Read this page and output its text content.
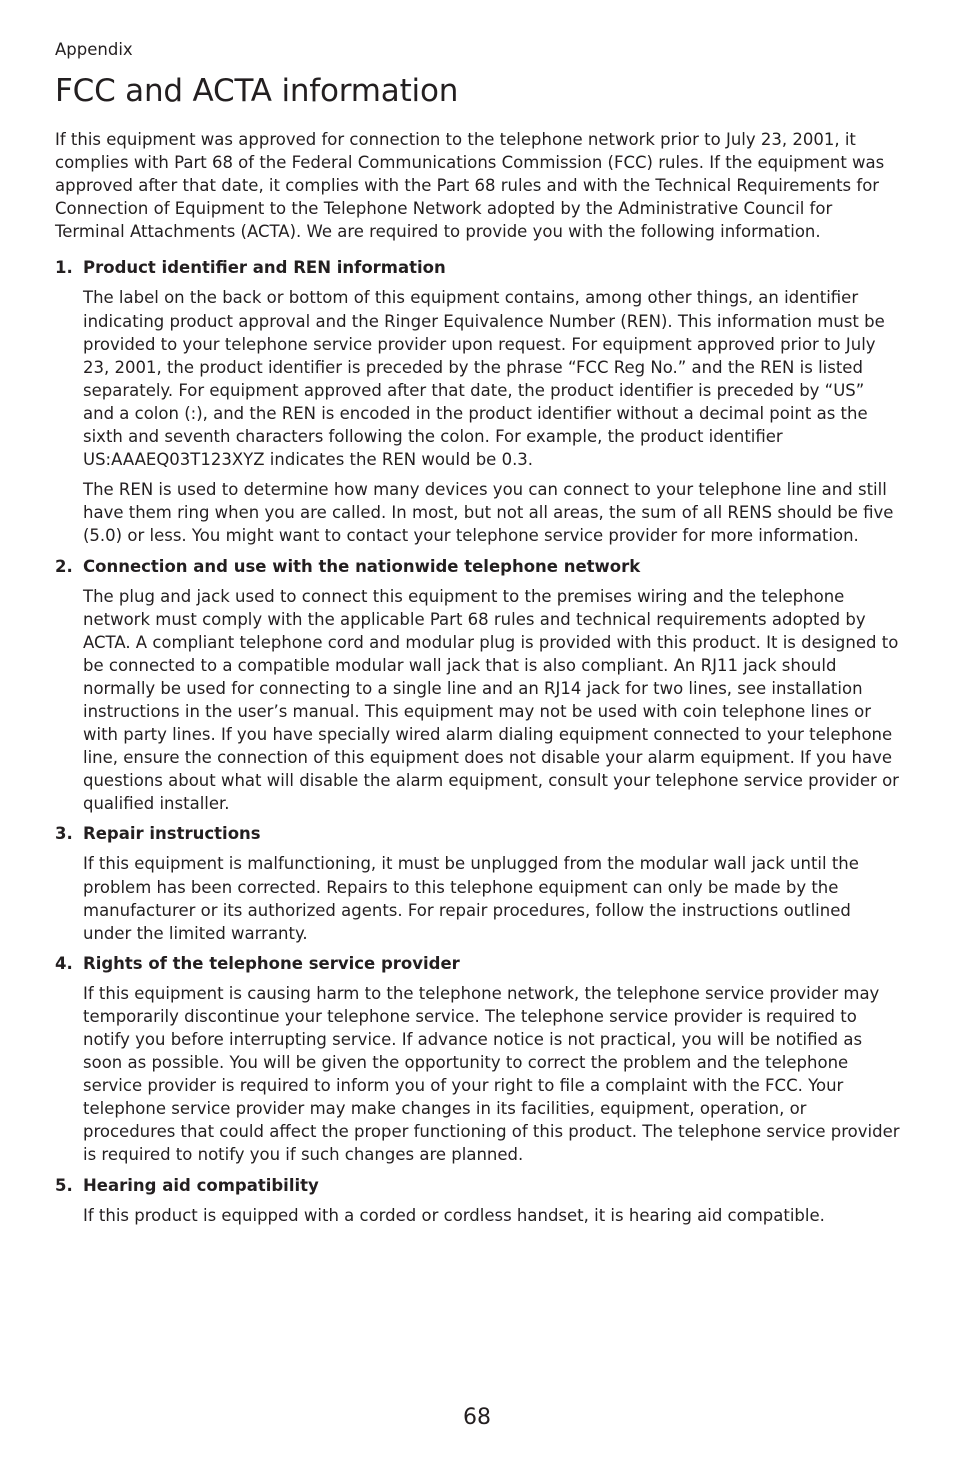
Appendix

FCC and ACTA information

If this equipment was approved for connection to the telephone network prior to July 23, 2001, it complies with Part 68 of the Federal Communications Commission (FCC) rules. If the equipment was approved after that date, it complies with the Part 68 rules and with the Technical Requirements for Connection of Equipment to the Telephone Network adopted by the Administrative Council for Terminal Attachments (ACTA). We are required to provide you with the following information.

1. Product identifier and REN information

The label on the back or bottom of this equipment contains, among other things, an identifier indicating product approval and the Ringer Equivalence Number (REN). This information must be provided to your telephone service provider upon request. For equipment approved prior to July 23, 2001, the product identifier is preceded by the phrase “FCC Reg No.” and the REN is listed separately. For equipment approved after that date, the product identifier is preceded by “US” and a colon (:), and the REN is encoded in the product identifier without a decimal point as the sixth and seventh characters following the colon. For example, the product identifier US:AAAEQ03T123XYZ indicates the REN would be 0.3.

The REN is used to determine how many devices you can connect to your telephone line and still have them ring when you are called. In most, but not all areas, the sum of all RENS should be five (5.0) or less. You might want to contact your telephone service provider for more information.

2. Connection and use with the nationwide telephone network

The plug and jack used to connect this equipment to the premises wiring and the telephone network must comply with the applicable Part 68 rules and technical requirements adopted by ACTA. A compliant telephone cord and modular plug is provided with this product. It is designed to be connected to a compatible modular wall jack that is also compliant. An RJ11 jack should normally be used for connecting to a single line and an RJ14 jack for two lines, see installation instructions in the user’s manual. This equipment may not be used with coin telephone lines or with party lines. If you have specially wired alarm dialing equipment connected to your telephone line, ensure the connection of this equipment does not disable your alarm equipment. If you have questions about what will disable the alarm equipment, consult your telephone service provider or qualified installer.

3. Repair instructions

If this equipment is malfunctioning, it must be unplugged from the modular wall jack until the problem has been corrected. Repairs to this telephone equipment can only be made by the manufacturer or its authorized agents. For repair procedures, follow the instructions outlined under the limited warranty.

4. Rights of the telephone service provider

If this equipment is causing harm to the telephone network, the telephone service provider may temporarily discontinue your telephone service. The telephone service provider is required to notify you before interrupting service. If advance notice is not practical, you will be notified as soon as possible. You will be given the opportunity to correct the problem and the telephone service provider is required to inform you of your right to file a complaint with the FCC. Your telephone service provider may make changes in its facilities, equipment, operation, or procedures that could affect the proper functioning of this product. The telephone service provider is required to notify you if such changes are planned.

5. Hearing aid compatibility

If this product is equipped with a corded or cordless handset, it is hearing aid compatible.

68
